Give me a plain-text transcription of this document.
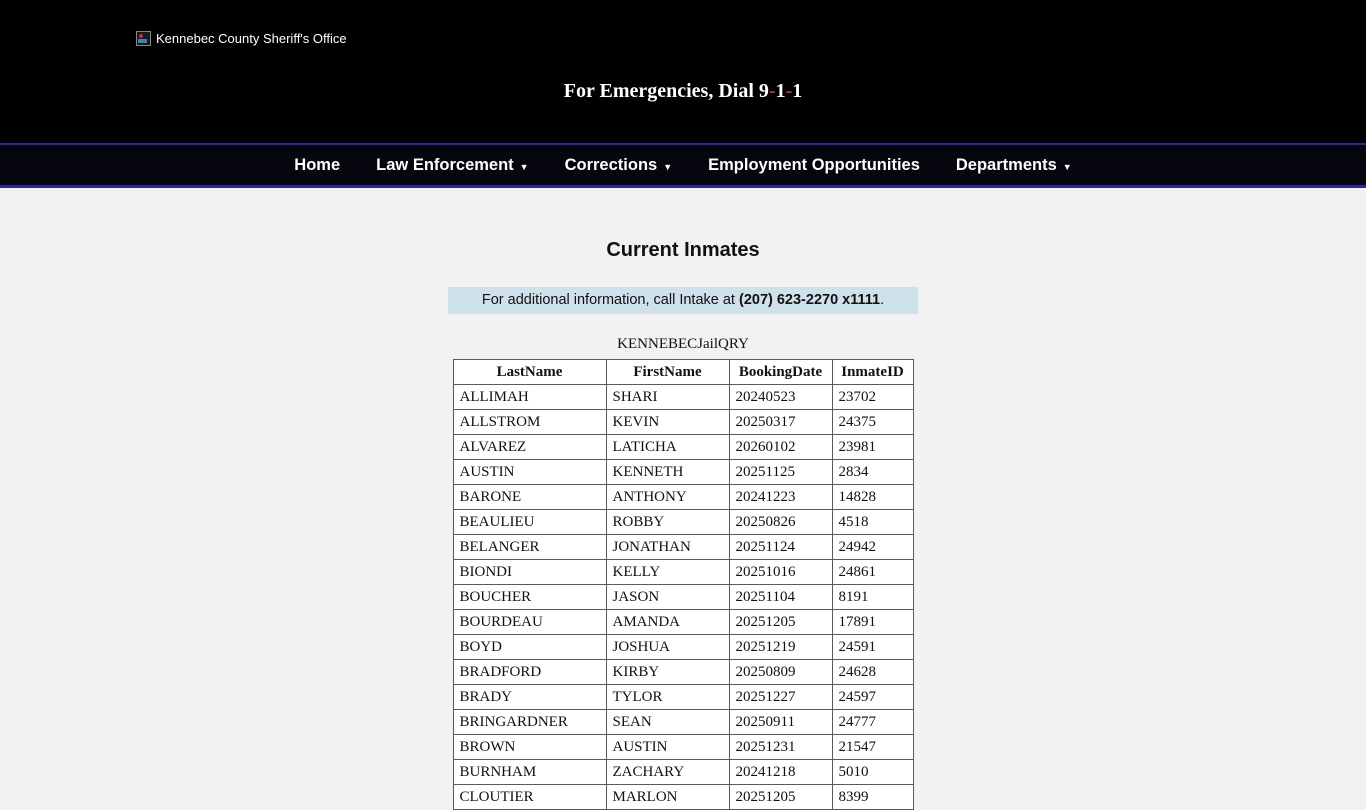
Kennebec County Sheriff's Office
For Emergencies, Dial 9-1-1
Home Law Enforcement ▼ Corrections ▼ Employment Opportunities Departments ▼
Current Inmates
For additional information, call Intake at (207) 623-2270 x1111.
KENNEBECJailQRY
LastName	FirstName	BookingDate	InmateID
ALLIMAH	SHARI	20240523	23702
ALLSTROM	KEVIN	20250317	24375
ALVAREZ	LATICHA	20260102	23981
AUSTIN	KENNETH	20251125	2834
BARONE	ANTHONY	20241223	14828
BEAULIEU	ROBBY	20250826	4518
BELANGER	JONATHAN	20251124	24942
BIONDI	KELLY	20251016	24861
BOUCHER	JASON	20251104	8191
BOURDEAU	AMANDA	20251205	17891
BOYD	JOSHUA	20251219	24591
BRADFORD	KIRBY	20250809	24628
BRADY	TYLOR	20251227	24597
BRINGARDNER	SEAN	20250911	24777
BROWN	AUSTIN	20251231	21547
BURNHAM	ZACHARY	20241218	5010
CLOUTIER	MARLON	20251205	8399
